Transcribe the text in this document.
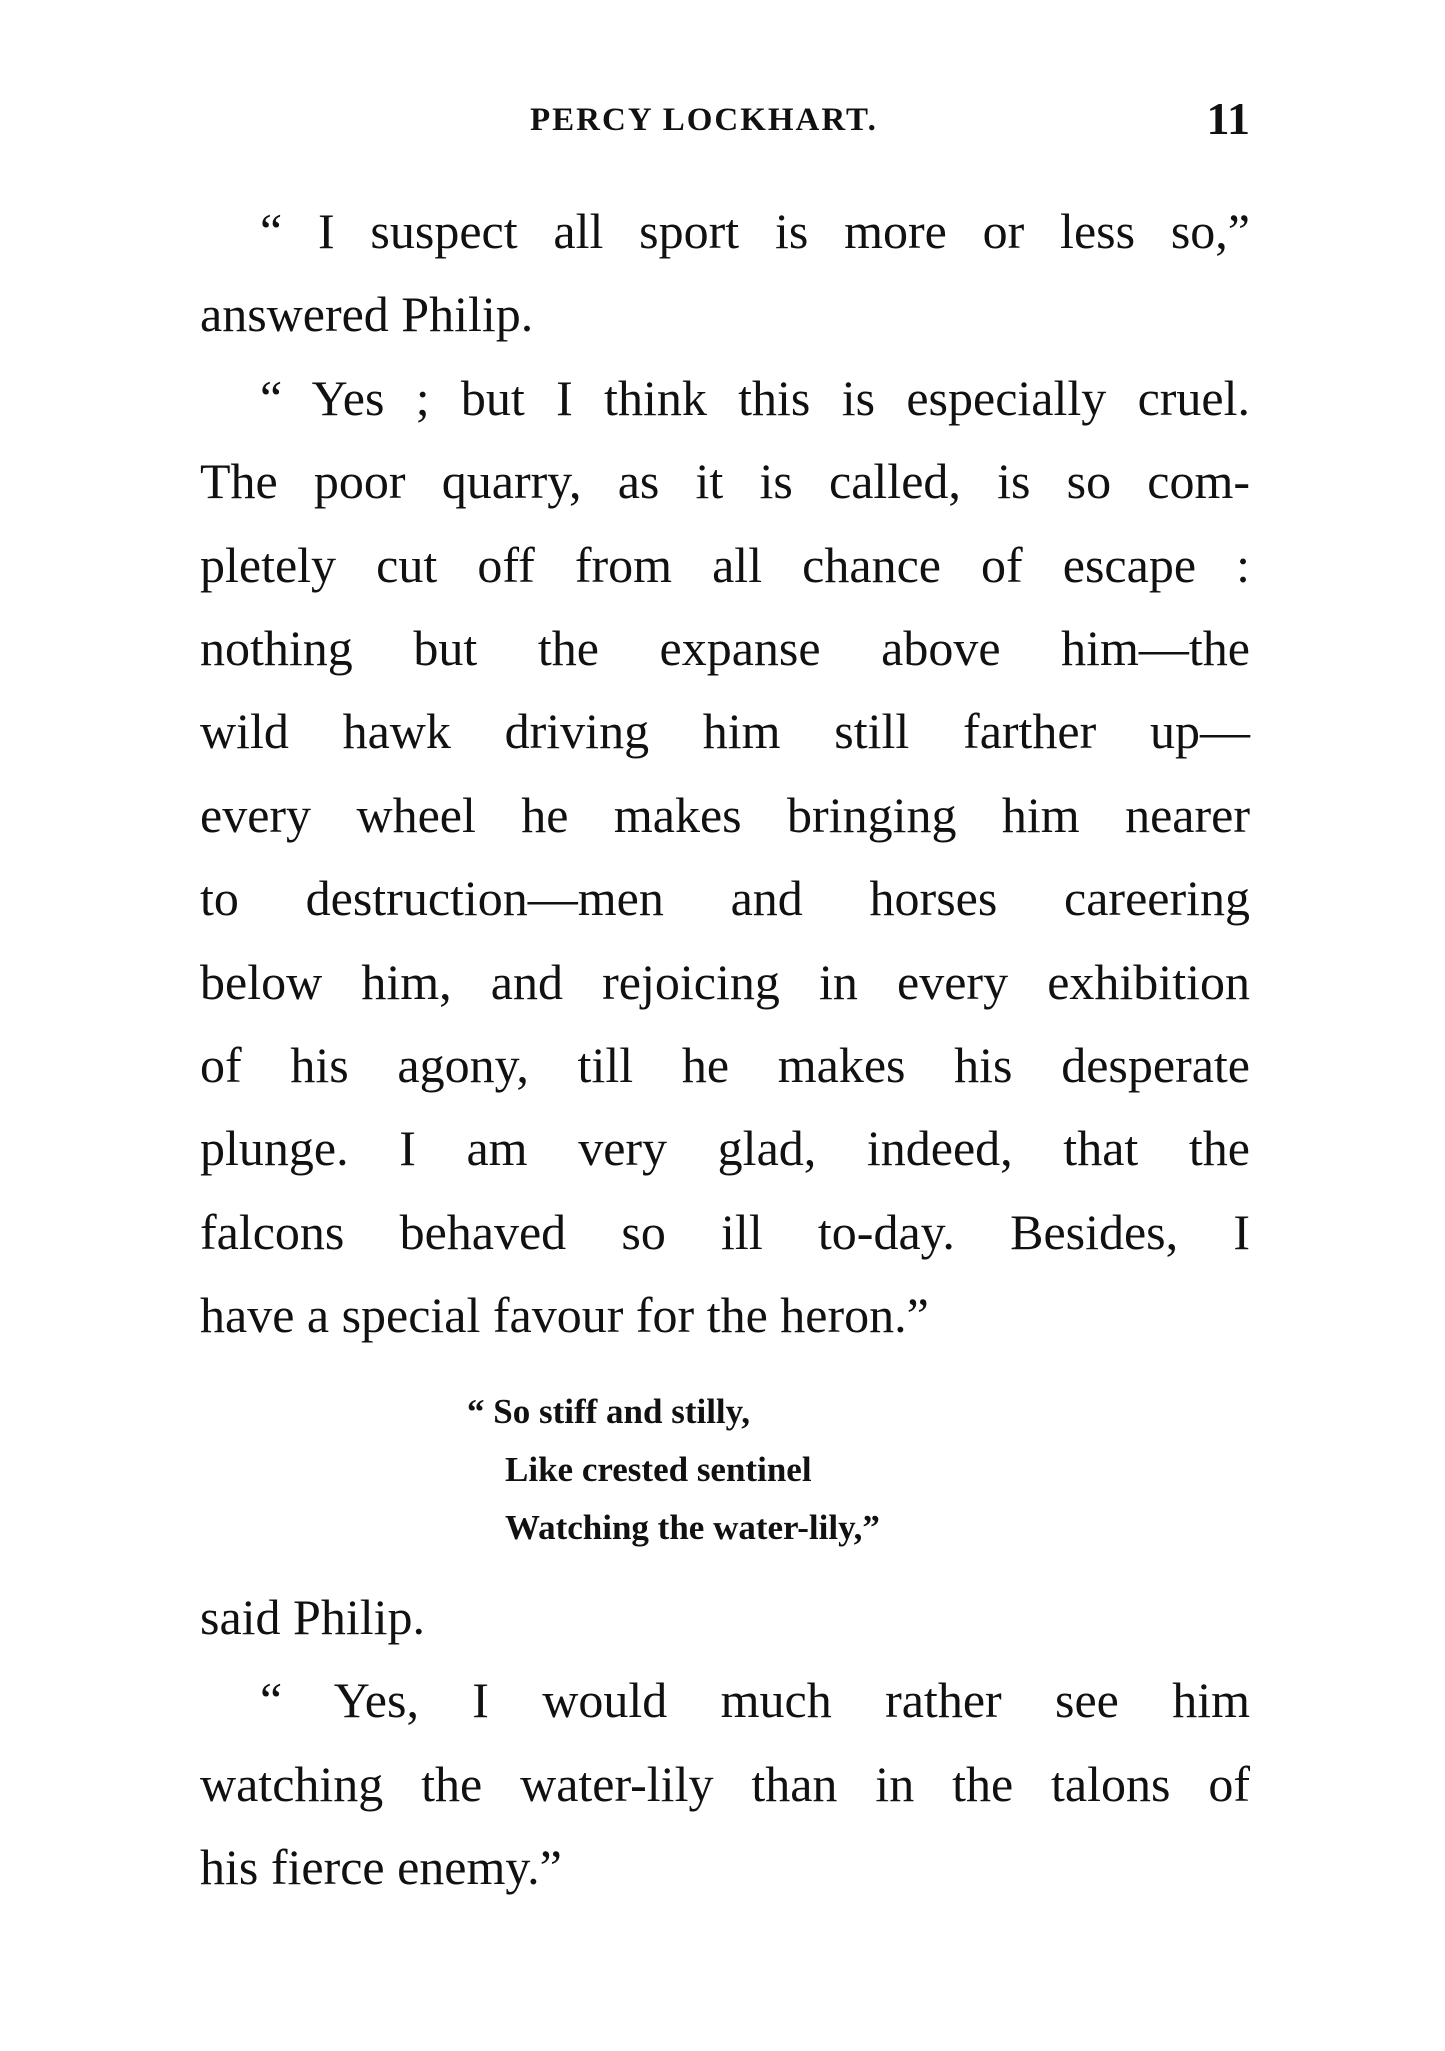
PERCY LOCKHART.	11
“ I suspect all sport is more or less so,”
answered Philip.
“ Yes ; but I think this is especially cruel.
The poor quarry, as it is called, is so com-
pletely cut off from all chance of escape :
nothing but the expanse above him—the
wild hawk driving him still farther up—
every wheel he makes bringing him nearer
to destruction—men and horses careering
below him, and rejoicing in every exhibition
of his agony, till he makes his desperate
plunge. I am very glad, indeed, that the
falcons behaved so ill to-day. Besides, I
have a special favour for the heron.”
“ So stiff and stilly,
Like crested sentinel
Watching the water-lily,”
said Philip.
“ Yes, I would much rather see him
watching the water-lily than in the talons of
his fierce enemy.”
